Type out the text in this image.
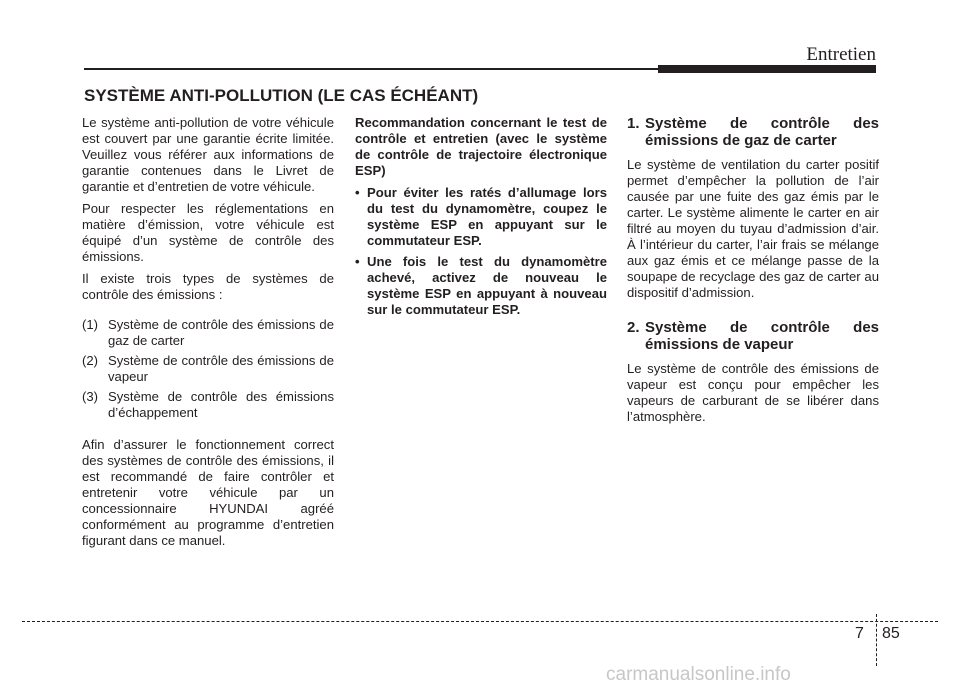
Entretien
SYSTÈME ANTI-POLLUTION (LE CAS ÉCHÉANT)

Le système anti-pollution de votre véhicule est couvert par une garantie écrite limitée. Veuillez vous référer aux informations de garantie contenues dans le Livret de garantie et d’entretien de votre véhicule.

Pour respecter les réglementations en matière d’émission, votre véhicule est équipé d’un système de contrôle des émissions.

Il existe trois types de systèmes de contrôle des émissions :

(1) Système de contrôle des émissions de gaz de carter
(2) Système de contrôle des émissions de vapeur
(3) Système de contrôle des émissions d’échappement

Afin d’assurer le fonctionnement correct des systèmes de contrôle des émissions, il est recommandé de faire contrôler et entretenir votre véhicule par un concessionnaire HYUNDAI agréé conformément au programme d’entretien figurant dans ce manuel.

Recommandation concernant le test de contrôle et entretien (avec le système de contrôle de trajectoire électronique ESP)

• Pour éviter les ratés d’allumage lors du test du dynamomètre, coupez le système ESP en appuyant sur le commutateur ESP.
• Une fois le test du dynamomètre achevé, activez de nouveau le système ESP en appuyant à nouveau sur le commutateur ESP.
1. Système de contrôle des émissions de gaz de carter

Le système de ventilation du carter positif permet d’empêcher la pollution de l’air causée par une fuite des gaz émis par le carter. Le système alimente le carter en air filtré au moyen du tuyau d’admission d’air. À l’intérieur du carter, l’air frais se mélange aux gaz émis et ce mélange passe de la soupape de recyclage des gaz de carter au dispositif d’admission.

2. Système de contrôle des émissions de vapeur

Le système de contrôle des émissions de vapeur est conçu pour empêcher les vapeurs de carburant de se libérer dans l’atmosphère.

7 85
carmanualsonline.info
